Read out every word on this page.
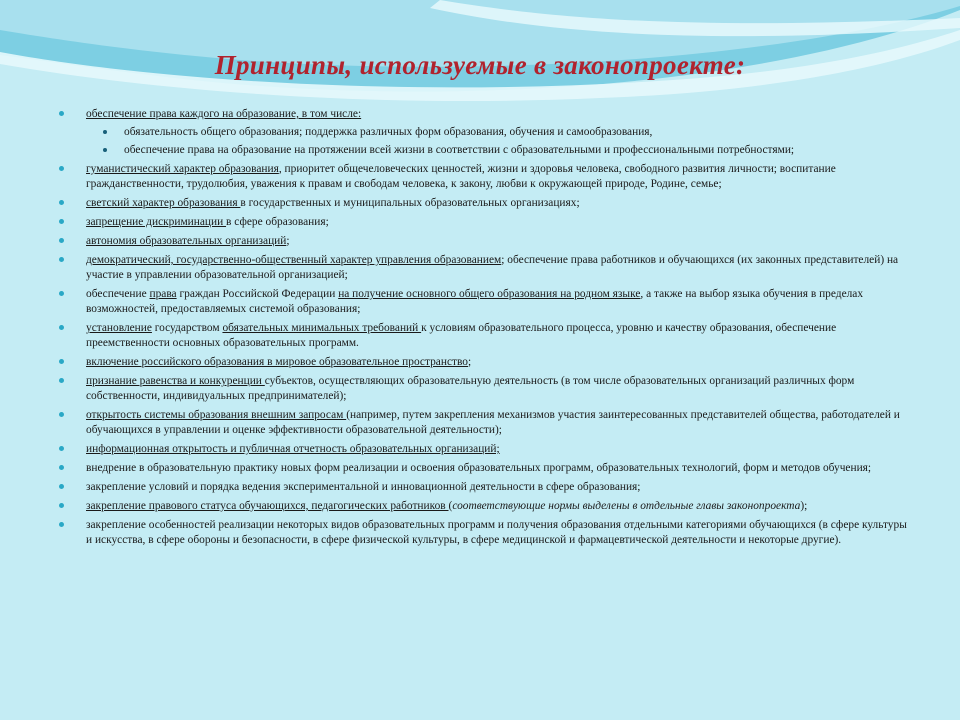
Принципы, используемые в законопроекте:
обеспечение права каждого на образование, в том числе:
обязательность общего образования; поддержка различных форм образования, обучения и самообразования,
обеспечение права на образование на протяжении всей жизни в соответствии с образовательными и профессиональными потребностями;
гуманистический характер образования, приоритет общечеловеческих ценностей, жизни и здоровья человека, свободного развития личности; воспитание гражданственности, трудолюбия, уважения к правам и свободам человека, к закону, любви к окружающей природе, Родине, семье;
светский характер образования в государственных и муниципальных образовательных организациях;
запрещение дискриминации в сфере образования;
автономия образовательных организаций;
демократический, государственно-общественный характер управления образованием; обеспечение права работников и обучающихся (их законных представителей) на участие в управлении образовательной организацией;
обеспечение права граждан Российской Федерации на получение основного общего образования на родном языке, а также на выбор языка обучения в пределах возможностей, предоставляемых системой образования;
установление государством обязательных минимальных требований к условиям образовательного процесса, уровню и качеству образования, обеспечение преемственности основных образовательных программ.
включение российского образования в мировое образовательное пространство;
признание равенства и конкуренции субъектов, осуществляющих образовательную деятельность (в том числе образовательных организаций различных форм собственности, индивидуальных предпринимателей);
открытость системы образования внешним запросам (например, путем закрепления механизмов участия заинтересованных представителей общества, работодателей и обучающихся в управлении и оценке эффективности образовательной деятельности);
информационная открытость и публичная отчетность образовательных организаций;
внедрение в образовательную практику новых форм реализации и освоения образовательных программ, образовательных технологий, форм и методов обучения;
закрепление условий и порядка ведения экспериментальной и инновационной деятельности в сфере образования;
закрепление правового статуса обучающихся, педагогических работников (соответствующие нормы выделены в отдельные главы законопроекта);
закрепление особенностей реализации некоторых видов образовательных программ и получения образования отдельными категориями обучающихся (в сфере культуры и искусства, в сфере обороны и безопасности, в сфере физической культуры, в сфере медицинской и фармацевтической деятельности и некоторые другие).
